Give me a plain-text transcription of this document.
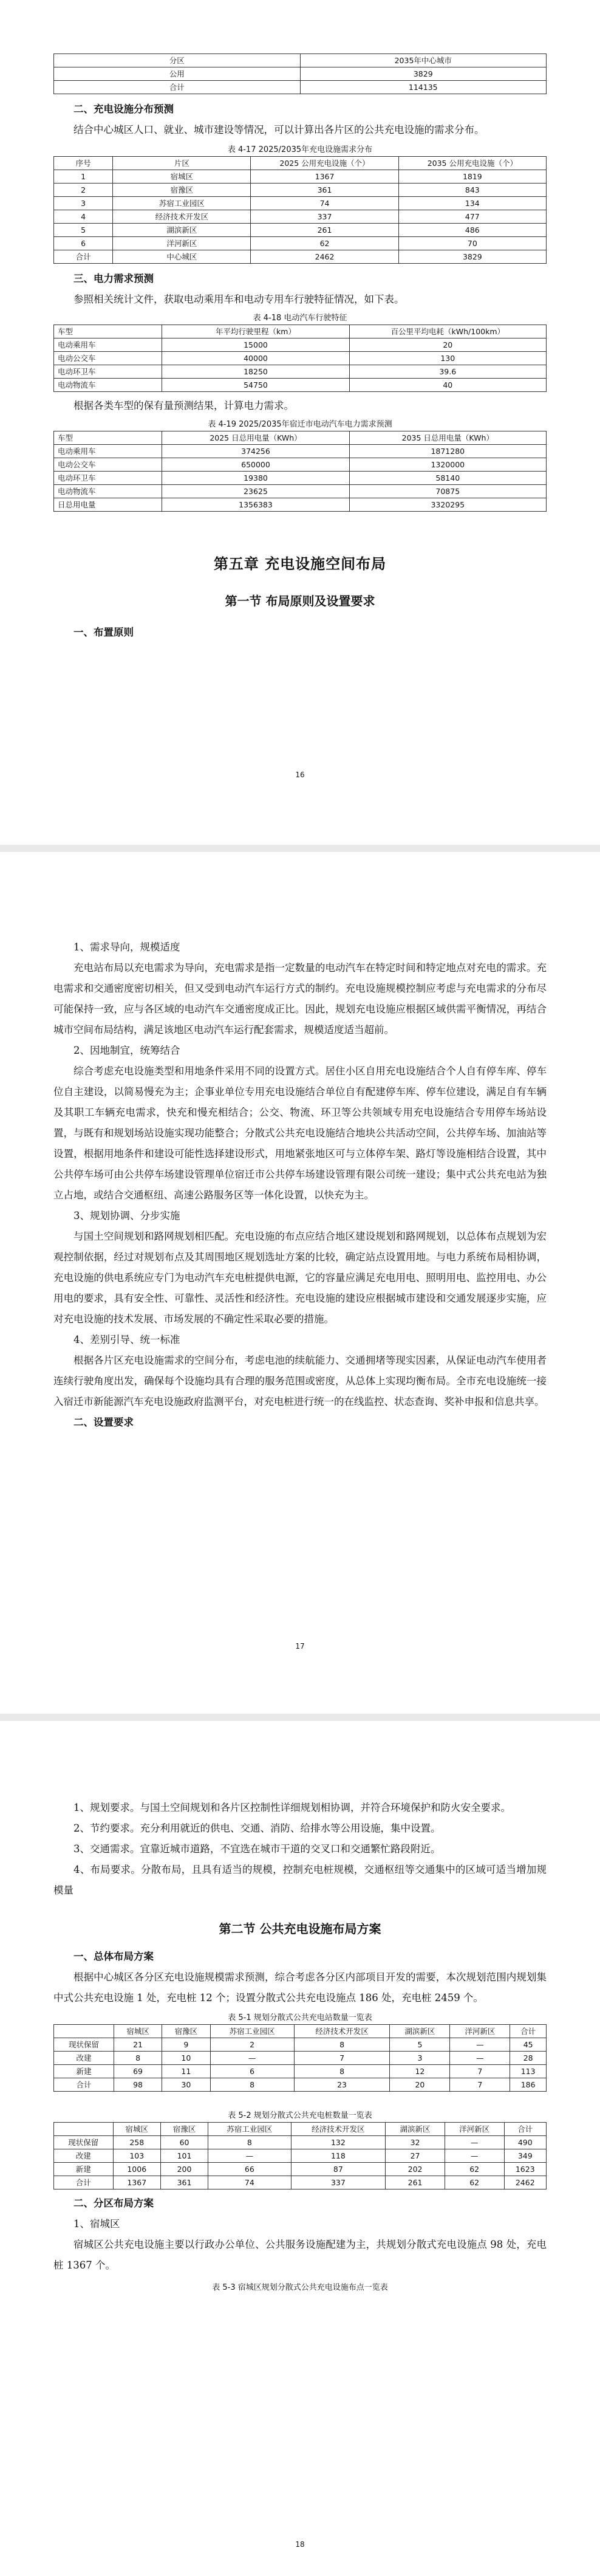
分区	2035年中心城市
公用	3829
合计	114135

二、充电设施分布预测

结合中心城区人口、就业、城市建设等情况，可以计算出各片区的公共充电设施的需求分布。

表 4-17 2025/2035年充电设施需求分布

序号	片区	2025 公用充电设施（个）	2035 公用充电设施（个）
1	宿城区	1367	1819
2	宿豫区	361	843
3	苏宿工业园区	74	134
4	经济技术开发区	337	477
5	湖滨新区	261	486
6	洋河新区	62	70
合计	中心城区	2462	3829

三、电力需求预测

参照相关统计文件，获取电动乘用车和电动专用车行驶特征情况，如下表。

表 4-18 电动汽车行驶特征

车型	年平均行驶里程（km）	百公里平均电耗（kWh/100km）
电动乘用车	15000	20
电动公交车	40000	130
电动环卫车	18250	39.6
电动物流车	54750	40

根据各类车型的保有量预测结果，计算电力需求。

表 4-19 2025/2035年宿迁市电动汽车电力需求预测

车型	2025 日总用电量（KWh）	2035 日总用电量（KWh）
电动乘用车	374256	1871280
电动公交车	650000	1320000
电动环卫车	19380	58140
电动物流车	23625	70875
日总用电量	1356383	3320295

第五章 充电设施空间布局

第一节 布局原则及设置要求

一、布置原则

16

1、需求导向，规模适度

充电站布局以充电需求为导向，充电需求是指一定数量的电动汽车在特定时间和特定地点对充电的需求。充电需求和交通密度密切相关，但又受到电动汽车运行方式的制约。充电设施规模控制应考虑与充电需求的分布尽可能保持一致，应与各区域的电动汽车交通密度成正比。因此，规划充电设施应根据区域供需平衡情况，再结合城市空间布局结构，满足该地区电动汽车运行配套需求，规模适度适当超前。

2、因地制宜，统筹结合

综合考虑充电设施类型和用地条件采用不同的设置方式。居住小区自用充电设施结合个人自有停车库、停车位自主建设，以简易慢充为主；企事业单位专用充电设施结合单位自有配建停车库、停车位建设，满足自有车辆及其职工车辆充电需求，快充和慢充相结合；公交、物流、环卫等公共领域专用充电设施结合专用停车场站设置，与既有和规划场站设施实现功能整合；分散式公共充电设施结合地块公共活动空间，公共停车场、加油站等设置，根据用地条件和建设可能性选择建设形式，用地紧张地区可与立体停车架、路灯等设施相结合设置，其中公共停车场可由公共停车场建设管理单位宿迁市公共停车场建设管理有限公司统一建设；集中式公共充电站为独立占地，或结合交通枢纽、高速公路服务区等一体化设置，以快充为主。

3、规划协调、分步实施

与国土空间规划和路网规划相匹配。充电设施的布点应结合地区建设规划和路网规划，以总体布点规划为宏观控制依据，经过对规划布点及其周围地区规划选址方案的比较，确定站点设置用地。与电力系统布局相协调，充电设施的供电系统应专门为电动汽车充电桩提供电源，它的容量应满足充电用电、照明用电、监控用电、办公用电的要求，具有安全性、可靠性、灵活性和经济性。充电设施的建设应根据城市建设和交通发展逐步实施，应对充电设施的技术发展、市场发展的不确定性采取必要的措施。

4、差别引导、统一标准

根据各片区充电设施需求的空间分布，考虑电池的续航能力、交通拥堵等现实因素，从保证电动汽车使用者连续行驶角度出发，确保每个设施均具有合理的服务范围或密度，从总体上实现均衡布局。全市充电设施统一接入宿迁市新能源汽车充电设施政府监测平台，对充电桩进行统一的在线监控、状态查询、奖补申报和信息共享。

二、设置要求

17

1、规划要求。与国土空间规划和各片区控制性详细规划相协调，并符合环境保护和防火安全要求。

2、节约要求。充分利用就近的供电、交通、消防、给排水等公用设施，集中设置。

3、交通需求。宜靠近城市道路，不宜选在城市干道的交叉口和交通繁忙路段附近。

4、布局要求。分散布局，且具有适当的规模，控制充电桩规模，交通枢纽等交通集中的区域可适当增加规模量

第二节 公共充电设施布局方案

一、总体布局方案

根据中心城区各分区充电设施规模需求预测，综合考虑各分区内部项目开发的需要，本次规划范围内规划集中式公共充电设施 1 处，充电桩 12 个；设置分散式公共充电设施点 186 处，充电桩 2459 个。

表 5-1 规划分散式公共充电站数量一览表

	宿城区	宿豫区	苏宿工业园区	经济技术开发区	湖滨新区	洋河新区	合计
现状保留	21	9	2	8	5	—	45
改建	8	10	—	7	3	—	28
新建	69	11	6	8	12	7	113
合计	98	30	8	23	20	7	186

表 5-2 规划分散式公共充电桩数量一览表

	宿城区	宿豫区	苏宿工业园区	经济技术开发区	湖滨新区	洋河新区	合计
现状保留	258	60	8	132	32	—	490
改建	103	101	—	118	27	—	349
新建	1006	200	66	87	202	62	1623
合计	1367	361	74	337	261	62	2462

二、分区布局方案

1、宿城区

宿城区公共充电设施主要以行政办公单位、公共服务设施配建为主，共规划分散式充电设施点 98 处，充电桩 1367 个。

表 5-3 宿城区规划分散式公共充电设施布点一览表

18
